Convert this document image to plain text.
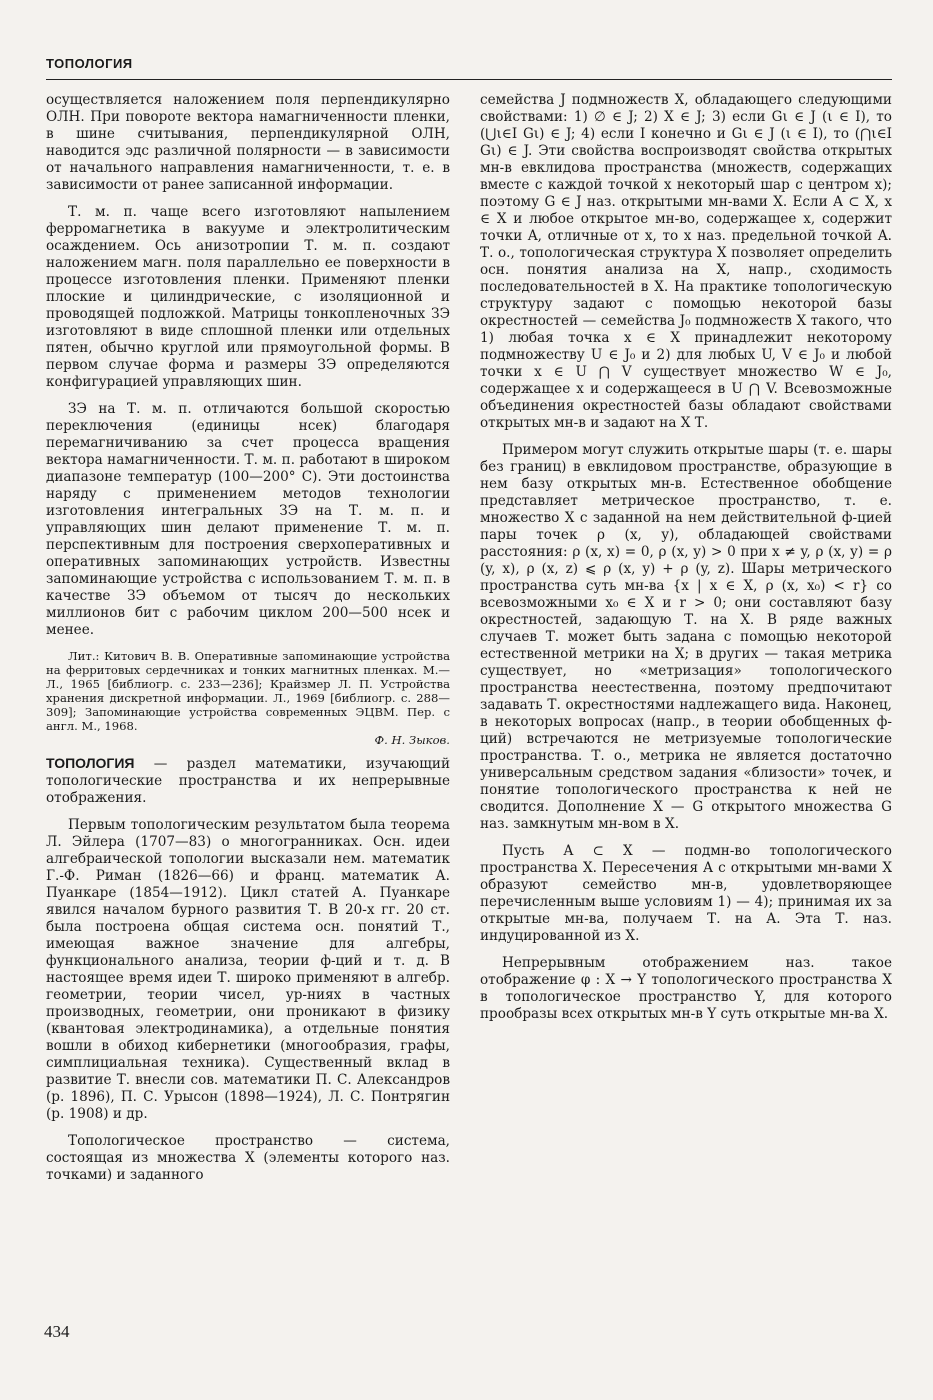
ТОПОЛОГИЯ

осуществляется наложением поля перпендикулярно ОЛН. При повороте вектора намагниченности пленки, в шине считывания, перпендикулярной ОЛН, наводится эдс различной полярности — в зависимости от начального направления намагниченности, т. е. в зависимости от ранее записанной информации.

Т. м. п. чаще всего изготовляют напылением ферромагнетика в вакууме и электролитическим осаждением. Ось анизотропии Т. м. п. создают наложением магн. поля параллельно ее поверхности в процессе изготовления пленки. Применяют пленки плоские и цилиндрические, с изоляционной и проводящей подложкой. Матрицы тонкопленочных ЗЭ изготовляют в виде сплошной пленки или отдельных пятен, обычно круглой или прямоугольной формы. В первом случае форма и размеры ЗЭ определяются конфигурацией управляющих шин.

ЗЭ на Т. м. п. отличаются большой скоростью переключения (единицы нсек) благодаря перемагничиванию за счет процесса вращения вектора намагниченности. Т. м. п. работают в широком диапазоне температур (100—200° С). Эти достоинства наряду с применением методов технологии изготовления интегральных ЗЭ на Т. м. п. и управляющих шин делают применение Т. м. п. перспективным для построения сверхоперативных и оперативных запоминающих устройств. Известны запоминающие устройства с использованием Т. м. п. в качестве ЗЭ объемом от тысяч до нескольких миллионов бит с рабочим циклом 200—500 нсек и менее.

Лит.: Китович В. В. Оперативные запоминающие устройства на ферритовых сердечниках и тонких магнитных пленках. М.— Л., 1965 [библиогр. с. 233—236]; Крайзмер Л. П. Устройства хранения дискретной информации. Л., 1969 [библиогр. с. 288—309]; Запоминающие устройства современных ЭЦВМ. Пер. с англ. М., 1968.
Ф. Н. Зыков.

ТОПОЛОГИЯ — раздел математики, изучающий топологические пространства и их непрерывные отображения.

Первым топологическим результатом была теорема Л. Эйлера (1707—83) о многогранниках. Осн. идеи алгебраической топологии высказали нем. математик Г.-Ф. Риман (1826—66) и франц. математик А. Пуанкаре (1854—1912). Цикл статей А. Пуанкаре явился началом бурного развития Т. В 20-х гг. 20 ст. была построена общая система осн. понятий Т., имеющая важное значение для алгебры, функционального анализа, теории ф-ций и т. д. В настоящее время идеи Т. широко применяют в алгебр. геометрии, теории чисел, ур-ниях в частных производных, геометрии, они проникают в физику (квантовая электродинамика), а отдельные понятия вошли в обиход кибернетики (многообразия, графы, симплициальная техника). Существенный вклад в развитие Т. внесли сов. математики П. С. Александров (р. 1896), П. С. Урысон (1898—1924), Л. С. Понтрягин (р. 1908) и др.

Топологическое пространство — система, состоящая из множества X (элементы которого наз. точками) и заданного

семейства J подмножеств X, обладающего следующими свойствами: 1) ∅ ∈ J; 2) X ∈ J; 3) если Gι ∈ J (ι ∈ I), то (⋃ι∈I Gι) ∈ J; 4) если I конечно и Gι ∈ J (ι ∈ I), то (⋂ι∈I Gι) ∈ J. Эти свойства воспроизводят свойства открытых мн-в евклидова пространства (множеств, содержащих вместе с каждой точкой x некоторый шар с центром x); поэтому G ∈ J наз. открытыми мн-вами X. Если A ⊂ X, x ∈ X и любое открытое мн-во, содержащее x, содержит точки A, отличные от x, то x наз. предельной точкой A. Т. о., топологическая структура X позволяет определить осн. понятия анализа на X, напр., сходимость последовательностей в X. На практике топологическую структуру задают с помощью некоторой базы окрестностей — семейства J₀ подмножеств X такого, что 1) любая точка x ∈ X принадлежит некоторому подмножеству U ∈ J₀ и 2) для любых U, V ∈ J₀ и любой точки x ∈ U ⋂ V существует множество W ∈ J₀, содержащее x и содержащееся в U ⋂ V. Всевозможные объединения окрестностей базы обладают свойствами открытых мн-в и задают на X Т.

Примером могут служить открытые шары (т. е. шары без границ) в евклидовом пространстве, образующие в нем базу открытых мн-в. Естественное обобщение представляет метрическое пространство, т. е. множество X с заданной на нем действительной ф-цией пары точек ρ (x, y), обладающей свойствами расстояния: ρ (x, x) = 0, ρ (x, y) > 0 при x ≠ y, ρ (x, y) = ρ (y, x), ρ (x, z) ⩽ ρ (x, y) + ρ (y, z). Шары метрического пространства суть мн-ва {x | x ∈ X, ρ (x, x₀) < r} со всевозможными x₀ ∈ X и r > 0; они составляют базу окрестностей, задающую Т. на X. В ряде важных случаев Т. может быть задана с помощью некоторой естественной метрики на X; в других — такая метрика существует, но «метризация» топологического пространства неестественна, поэтому предпочитают задавать Т. окрестностями надлежащего вида. Наконец, в некоторых вопросах (напр., в теории обобщенных ф-ций) встречаются не метризуемые топологические пространства. Т. о., метрика не является достаточно универсальным средством задания «близости» точек, и понятие топологического пространства к ней не сводится. Дополнение X — G открытого множества G наз. замкнутым мн-вом в X.

Пусть A ⊂ X — подмн-во топологического пространства X. Пересечения A с открытыми мн-вами X образуют семейство мн-в, удовлетворяющее перечисленным выше условиям 1) — 4); принимая их за открытые мн-ва, получаем Т. на A. Эта Т. наз. индуцированной из X.

Непрерывным отображением наз. такое отображение φ : X → Y топологического пространства X в топологическое пространство Y, для которого прообразы всех открытых мн-в Y суть открытые мн-ва X.

434
